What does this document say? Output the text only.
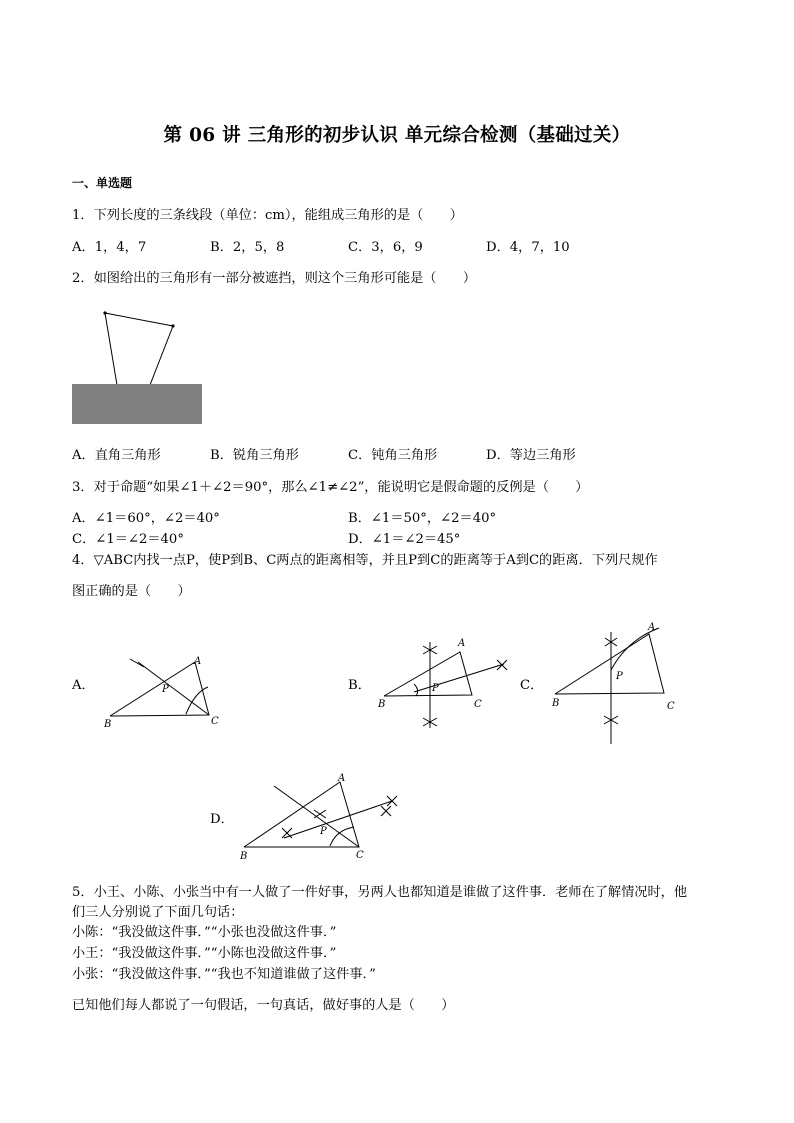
第 06 讲 三角形的初步认识 单元综合检测（基础过关）
一、单选题
1．下列长度的三条线段（单位：cm），能组成三角形的是（　　）
A．1，4，7	B．2，5，8	C．3，6，9	D．4，7，10
2．如图给出的三角形有一部分被遮挡，则这个三角形可能是（　　）
A．直角三角形	B．锐角三角形	C．钝角三角形	D．等边三角形
3．对于命题“如果∠1＋∠2＝90°，那么∠1≠∠2”，能说明它是假命题的反例是（　　）
A．∠1＝60°，∠2＝40°	B．∠1＝50°，∠2＝40°
C．∠1＝∠2＝40°	D．∠1＝∠2＝45°
4．▽ABC内找一点P，使P到B、C两点的距离相等，并且P到C的距离等于A到C的距离．下列尺规作
图正确的是（　　）
A．
A
B	C
P	B．
A
B	C
P	C．
A
B	C
P
D．
A
B	C
P
5．小王、小陈、小张当中有一人做了一件好事，另两人也都知道是谁做了这件事．老师在了解情况时，他
们三人分别说了下面几句话：
小陈：“我没做这件事．”“小张也没做这件事．”
小王：“我没做这件事．”“小陈也没做这件事．”
小张：“我没做这件事．”“我也不知道谁做了这件事．”
已知他们每人都说了一句假话，一句真话，做好事的人是（　　）
